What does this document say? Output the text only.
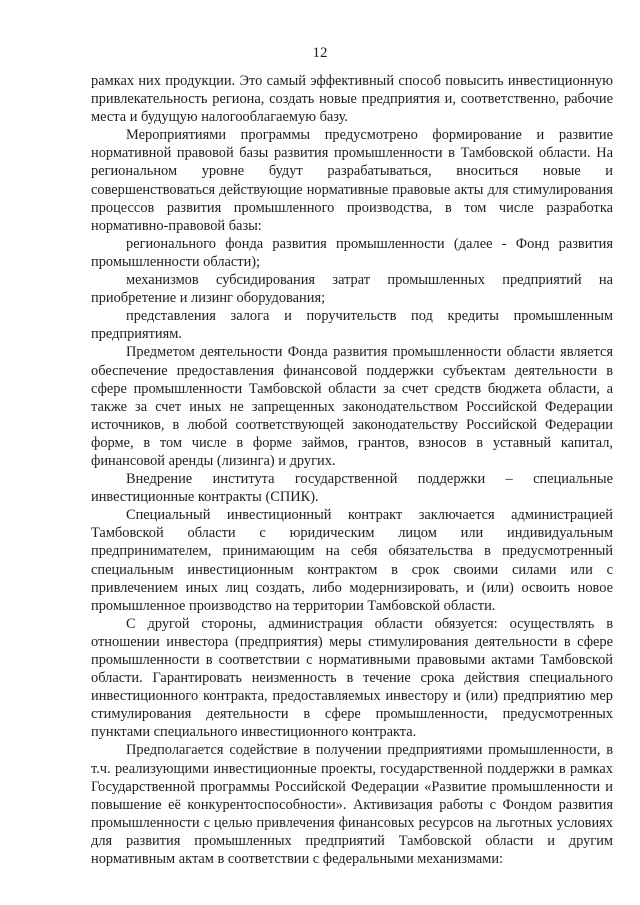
12

рамках них продукции. Это самый эффективный способ повысить инвестиционную привлекательность региона, создать новые предприятия и, соответственно, рабочие места и будущую налогооблагаемую базу.

Мероприятиями программы предусмотрено формирование и развитие нормативной правовой базы развития промышленности в Тамбовской области. На региональном уровне будут разрабатываться, вноситься новые и совершенствоваться действующие нормативные правовые акты для стимулирования процессов развития промышленного производства, в том числе разработка нормативно-правовой базы:

регионального фонда развития промышленности (далее - Фонд развития промышленности области);

механизмов субсидирования затрат промышленных предприятий на приобретение и лизинг оборудования;

представления залога и поручительств под кредиты промышленным предприятиям.

Предметом деятельности Фонда развития промышленности области является обеспечение предоставления финансовой поддержки субъектам деятельности в сфере промышленности Тамбовской области за счет средств бюджета области, а также за счет иных не запрещенных законодательством Российской Федерации источников, в любой соответствующей законодательству Российской Федерации форме, в том числе в форме займов, грантов, взносов в уставный капитал, финансовой аренды (лизинга) и других.

Внедрение института государственной поддержки – специальные инвестиционные контракты (СПИК).

Специальный инвестиционный контракт заключается администрацией Тамбовской области с юридическим лицом или индивидуальным предпринимателем, принимающим на себя обязательства в предусмотренный специальным инвестиционным контрактом в срок своими силами или с привлечением иных лиц создать, либо модернизировать, и (или) освоить новое промышленное производство на территории Тамбовской области.

С другой стороны, администрация области обязуется: осуществлять в отношении инвестора (предприятия) меры стимулирования деятельности в сфере промышленности в соответствии с нормативными правовыми актами Тамбовской области. Гарантировать неизменность в течение срока действия специального инвестиционного контракта, предоставляемых инвестору и (или) предприятию мер стимулирования деятельности в сфере промышленности, предусмотренных пунктами специального инвестиционного контракта.

Предполагается содействие в получении предприятиями промышленности, в т.ч. реализующими инвестиционные проекты, государственной поддержки в рамках Государственной программы Российской Федерации «Развитие промышленности и повышение её конкурентоспособности». Активизация работы с Фондом развития промышленности с целью привлечения финансовых ресурсов на льготных условиях для развития промышленных предприятий Тамбовской области и другим нормативным актам в соответствии с федеральными механизмами:
